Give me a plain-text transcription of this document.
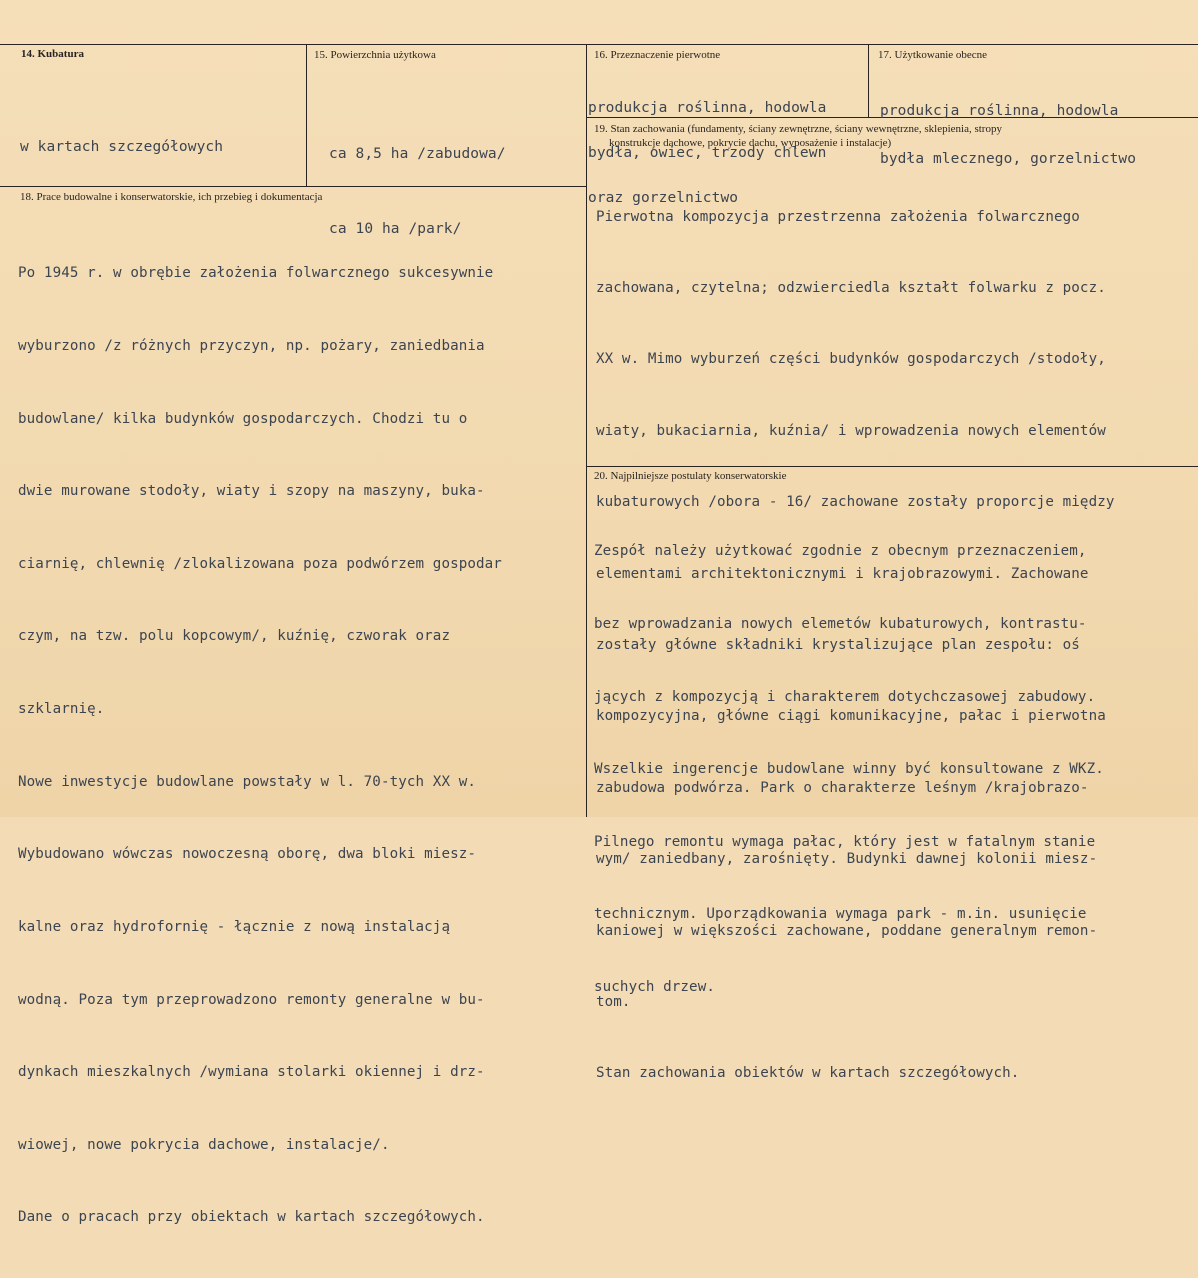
14. Kubatura

w kartach szczegółowych

15. Powierzchnia użytkowa

ca 8,5 ha /zabudowa/

ca 10 ha /park/

16. Przeznaczenie pierwotne

produkcja roślinna, hodowla

bydła, owiec, trzody chlewn

oraz gorzelnictwo

17. Użytkowanie obecne

produkcja roślinna, hodowla

bydła mlecznego, gorzelnictwo

18. Prace budowalne i konserwatorskie, ich przebieg i dokumentacja

Po 1945 r. w obrębie założenia folwarcznego sukcesywnie

wyburzono /z różnych przyczyn, np. pożary, zaniedbania

budowlane/ kilka budynków gospodarczych. Chodzi tu o

dwie murowane stodoły, wiaty i szopy na maszyny, buka-

ciarnię, chlewnię /zlokalizowana poza podwórzem gospodar

czym, na tzw. polu kopcowym/, kuźnię, czworak oraz

szklarnię.

Nowe inwestycje budowlane powstały w l. 70-tych XX w.

Wybudowano wówczas nowoczesną oborę, dwa bloki miesz-

kalne oraz hydrofornię - łącznie z nową instalacją

wodną. Poza tym przeprowadzono remonty generalne w bu-

dynkach mieszkalnych /wymiana stolarki okiennej i drz-

wiowej, nowe pokrycia dachowe, instalacje/.

Dane o pracach przy obiektach w kartach szczegółowych.

19. Stan zachowania (fundamenty, ściany zewnętrzne, ściany wewnętrzne, sklepienia, stropy
konstrukcje dachowe, pokrycie dachu, wyposażenie i instalacje)

Pierwotna kompozycja przestrzenna założenia folwarcznego

zachowana, czytelna; odzwierciedla kształt folwarku z pocz.

XX w. Mimo wyburzeń części budynków gospodarczych /stodoły,

wiaty, bukaciarnia, kuźnia/ i wprowadzenia nowych elementów

kubaturowych /obora - 16/ zachowane zostały proporcje między

elementami architektonicznymi i krajobrazowymi. Zachowane

zostały główne składniki krystalizujące plan zespołu: oś

kompozycyjna, główne ciągi komunikacyjne, pałac i pierwotna

zabudowa podwórza. Park o charakterze leśnym /krajobrazo-

wym/ zaniedbany, zarośnięty. Budynki dawnej kolonii miesz-

kaniowej w większości zachowane, poddane generalnym remon-

tom.

Stan zachowania obiektów w kartach szczegółowych.

20. Najpilniejsze postulaty konserwatorskie

Zespół należy użytkować zgodnie z obecnym przeznaczeniem,

bez wprowadzania nowych elemetów kubaturowych, kontrastu-

jących z kompozycją i charakterem dotychczasowej zabudowy.

Wszelkie ingerencje budowlane winny być konsultowane z WKZ.

Pilnego remontu wymaga pałac, który jest w fatalnym stanie

technicznym. Uporządkowania wymaga park - m.in. usunięcie

suchych drzew.
